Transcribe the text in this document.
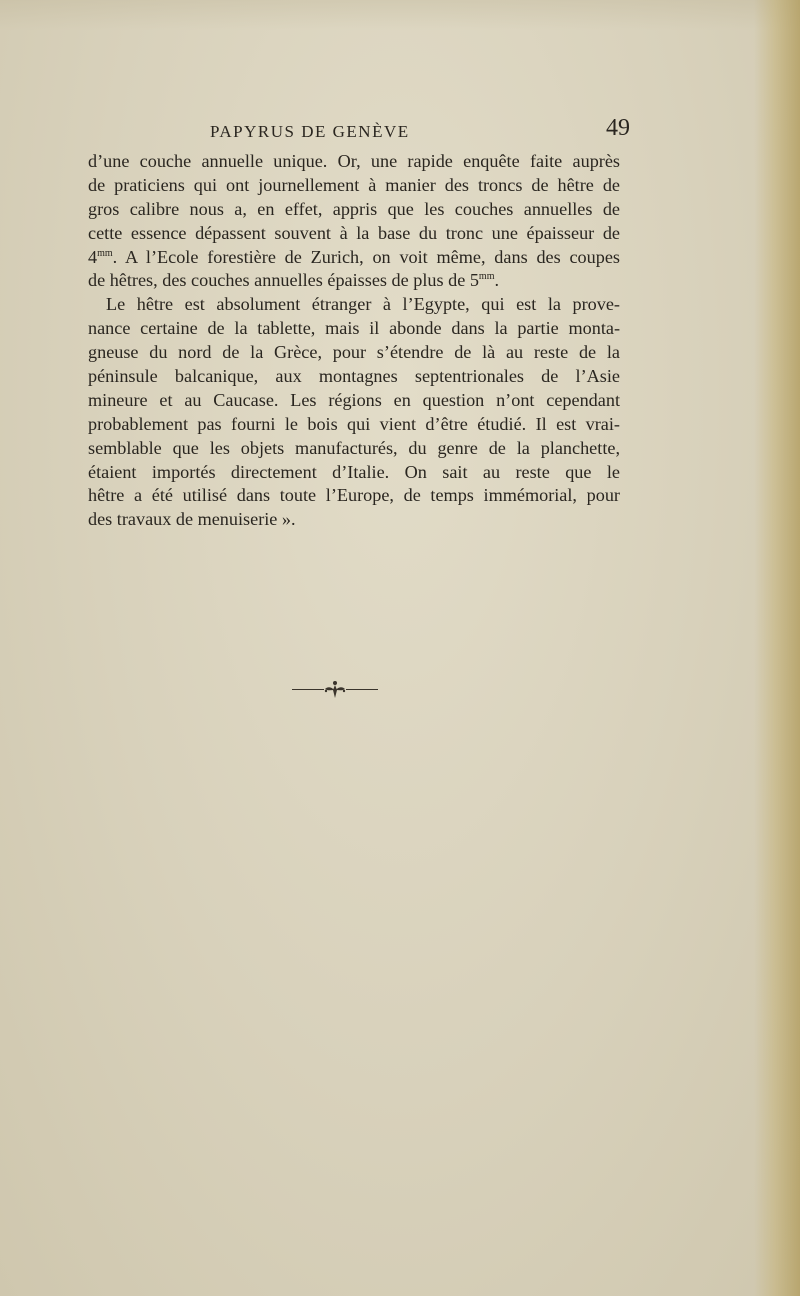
PAPYRUS DE GENÈVE	49
d’une couche annuelle unique. Or, une rapide enquête faite auprès
de praticiens qui ont journellement à manier des troncs de hêtre de
gros calibre nous a, en effet, appris que les couches annuelles de
cette essence dépassent souvent à la base du tronc une épaisseur de
$4^{mm}$. A l’Ecole forestière de Zurich, on voit même, dans des coupes
de hêtres, des couches annuelles épaisses de plus de $5^{mm}$.
Le hêtre est absolument étranger à l’Egypte, qui est la prove-
nance certaine de la tablette, mais il abonde dans la partie monta-
gneuse du nord de la Grèce, pour s’étendre de là au reste de la
péninsule balcanique, aux montagnes septentrionales de l’Asie
mineure et au Caucase. Les régions en question n’ont cependant
probablement pas fourni le bois qui vient d’être étudié. Il est vrai-
semblable que les objets manufacturés, du genre de la planchette,
étaient importés directement d’Italie. On sait au reste que le
hêtre a été utilisé dans toute l’Europe, de temps immémorial, pour
des travaux de menuiserie ».
